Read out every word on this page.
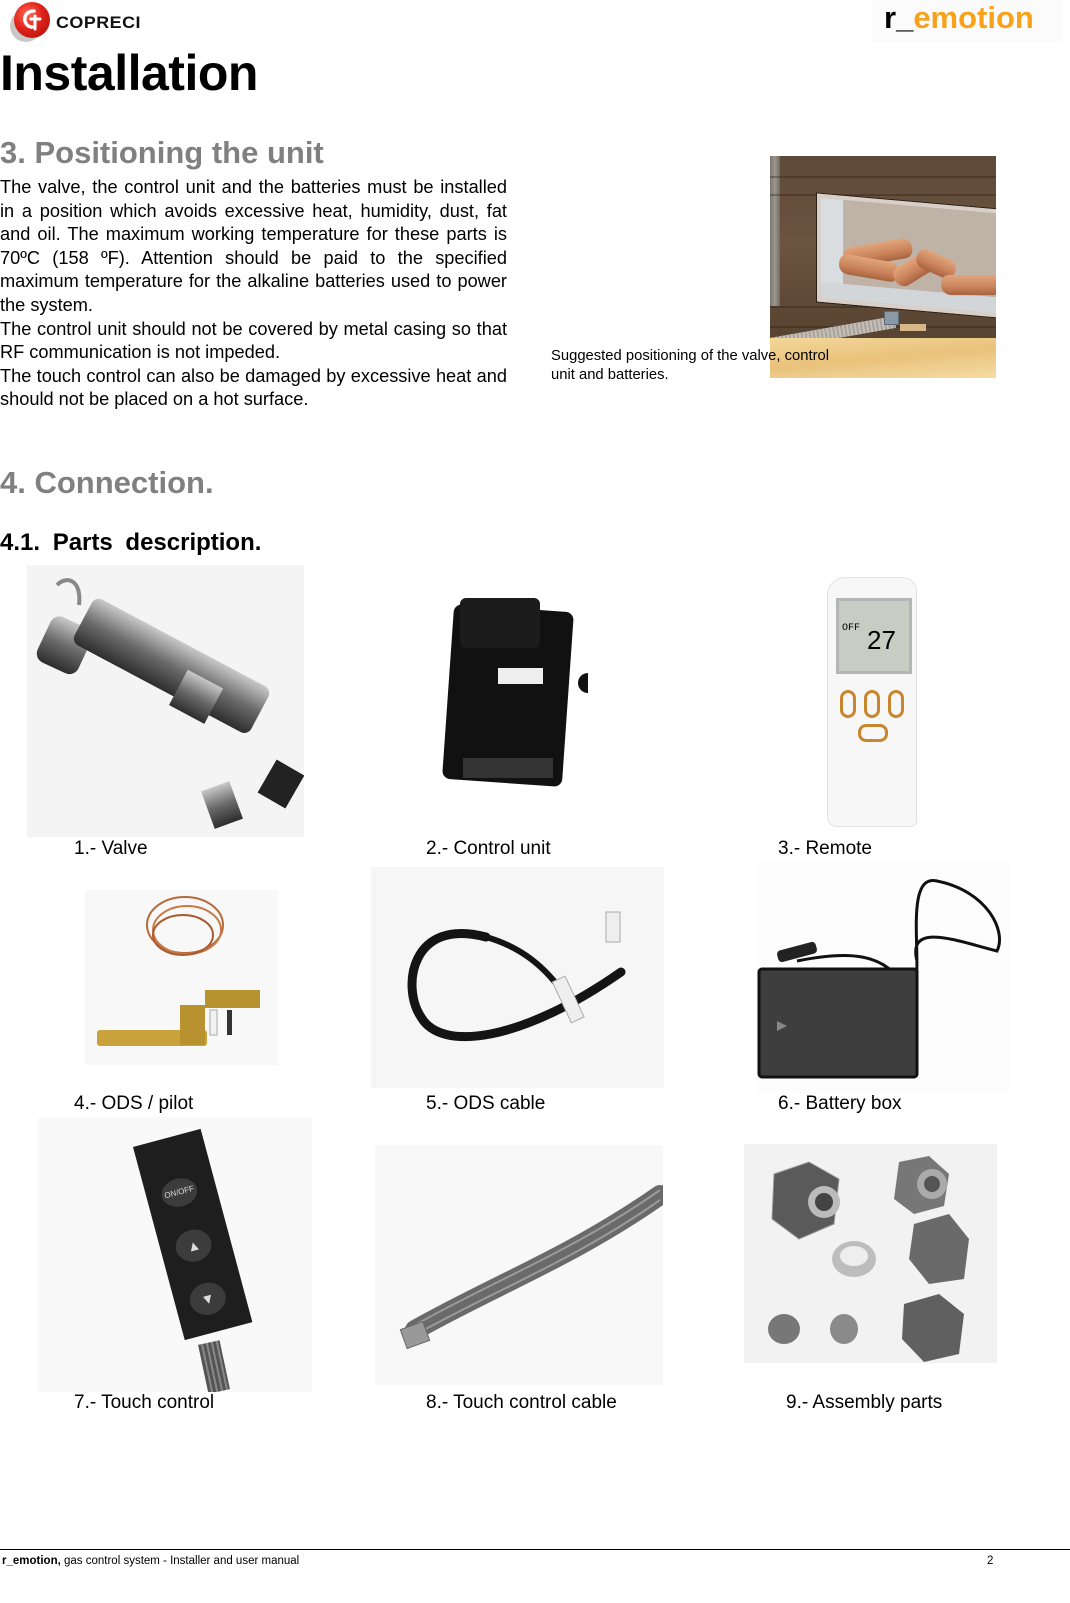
COPRECI	r_emotion
Installation
3. Positioning the unit

The valve, the control unit and the batteries must be installed in a position which avoids excessive heat, humidity, dust, fat and oil. The maximum working temperature for these parts is 70ºC (158 ºF). Attention should be paid to the specified maximum temperature for the alkaline batteries used to power the system.

The control unit should not be covered by metal casing so that RF communication is not impeded.

The touch control can also be damaged by excessive heat and should not be placed on a hot surface.

Suggested positioning of the valve, control unit and batteries.
4. Connection.
4.1. Parts description.
1.- Valve	2.- Control unit
OFF 27
3.- Remote
4.- ODS / pilot	5.- ODS cable	6.- Battery box
ON/OFF
▲
▼
7.- Touch control	8.- Touch control cable	9.- Assembly parts
r_emotion, gas control system - Installer and user manual	2
